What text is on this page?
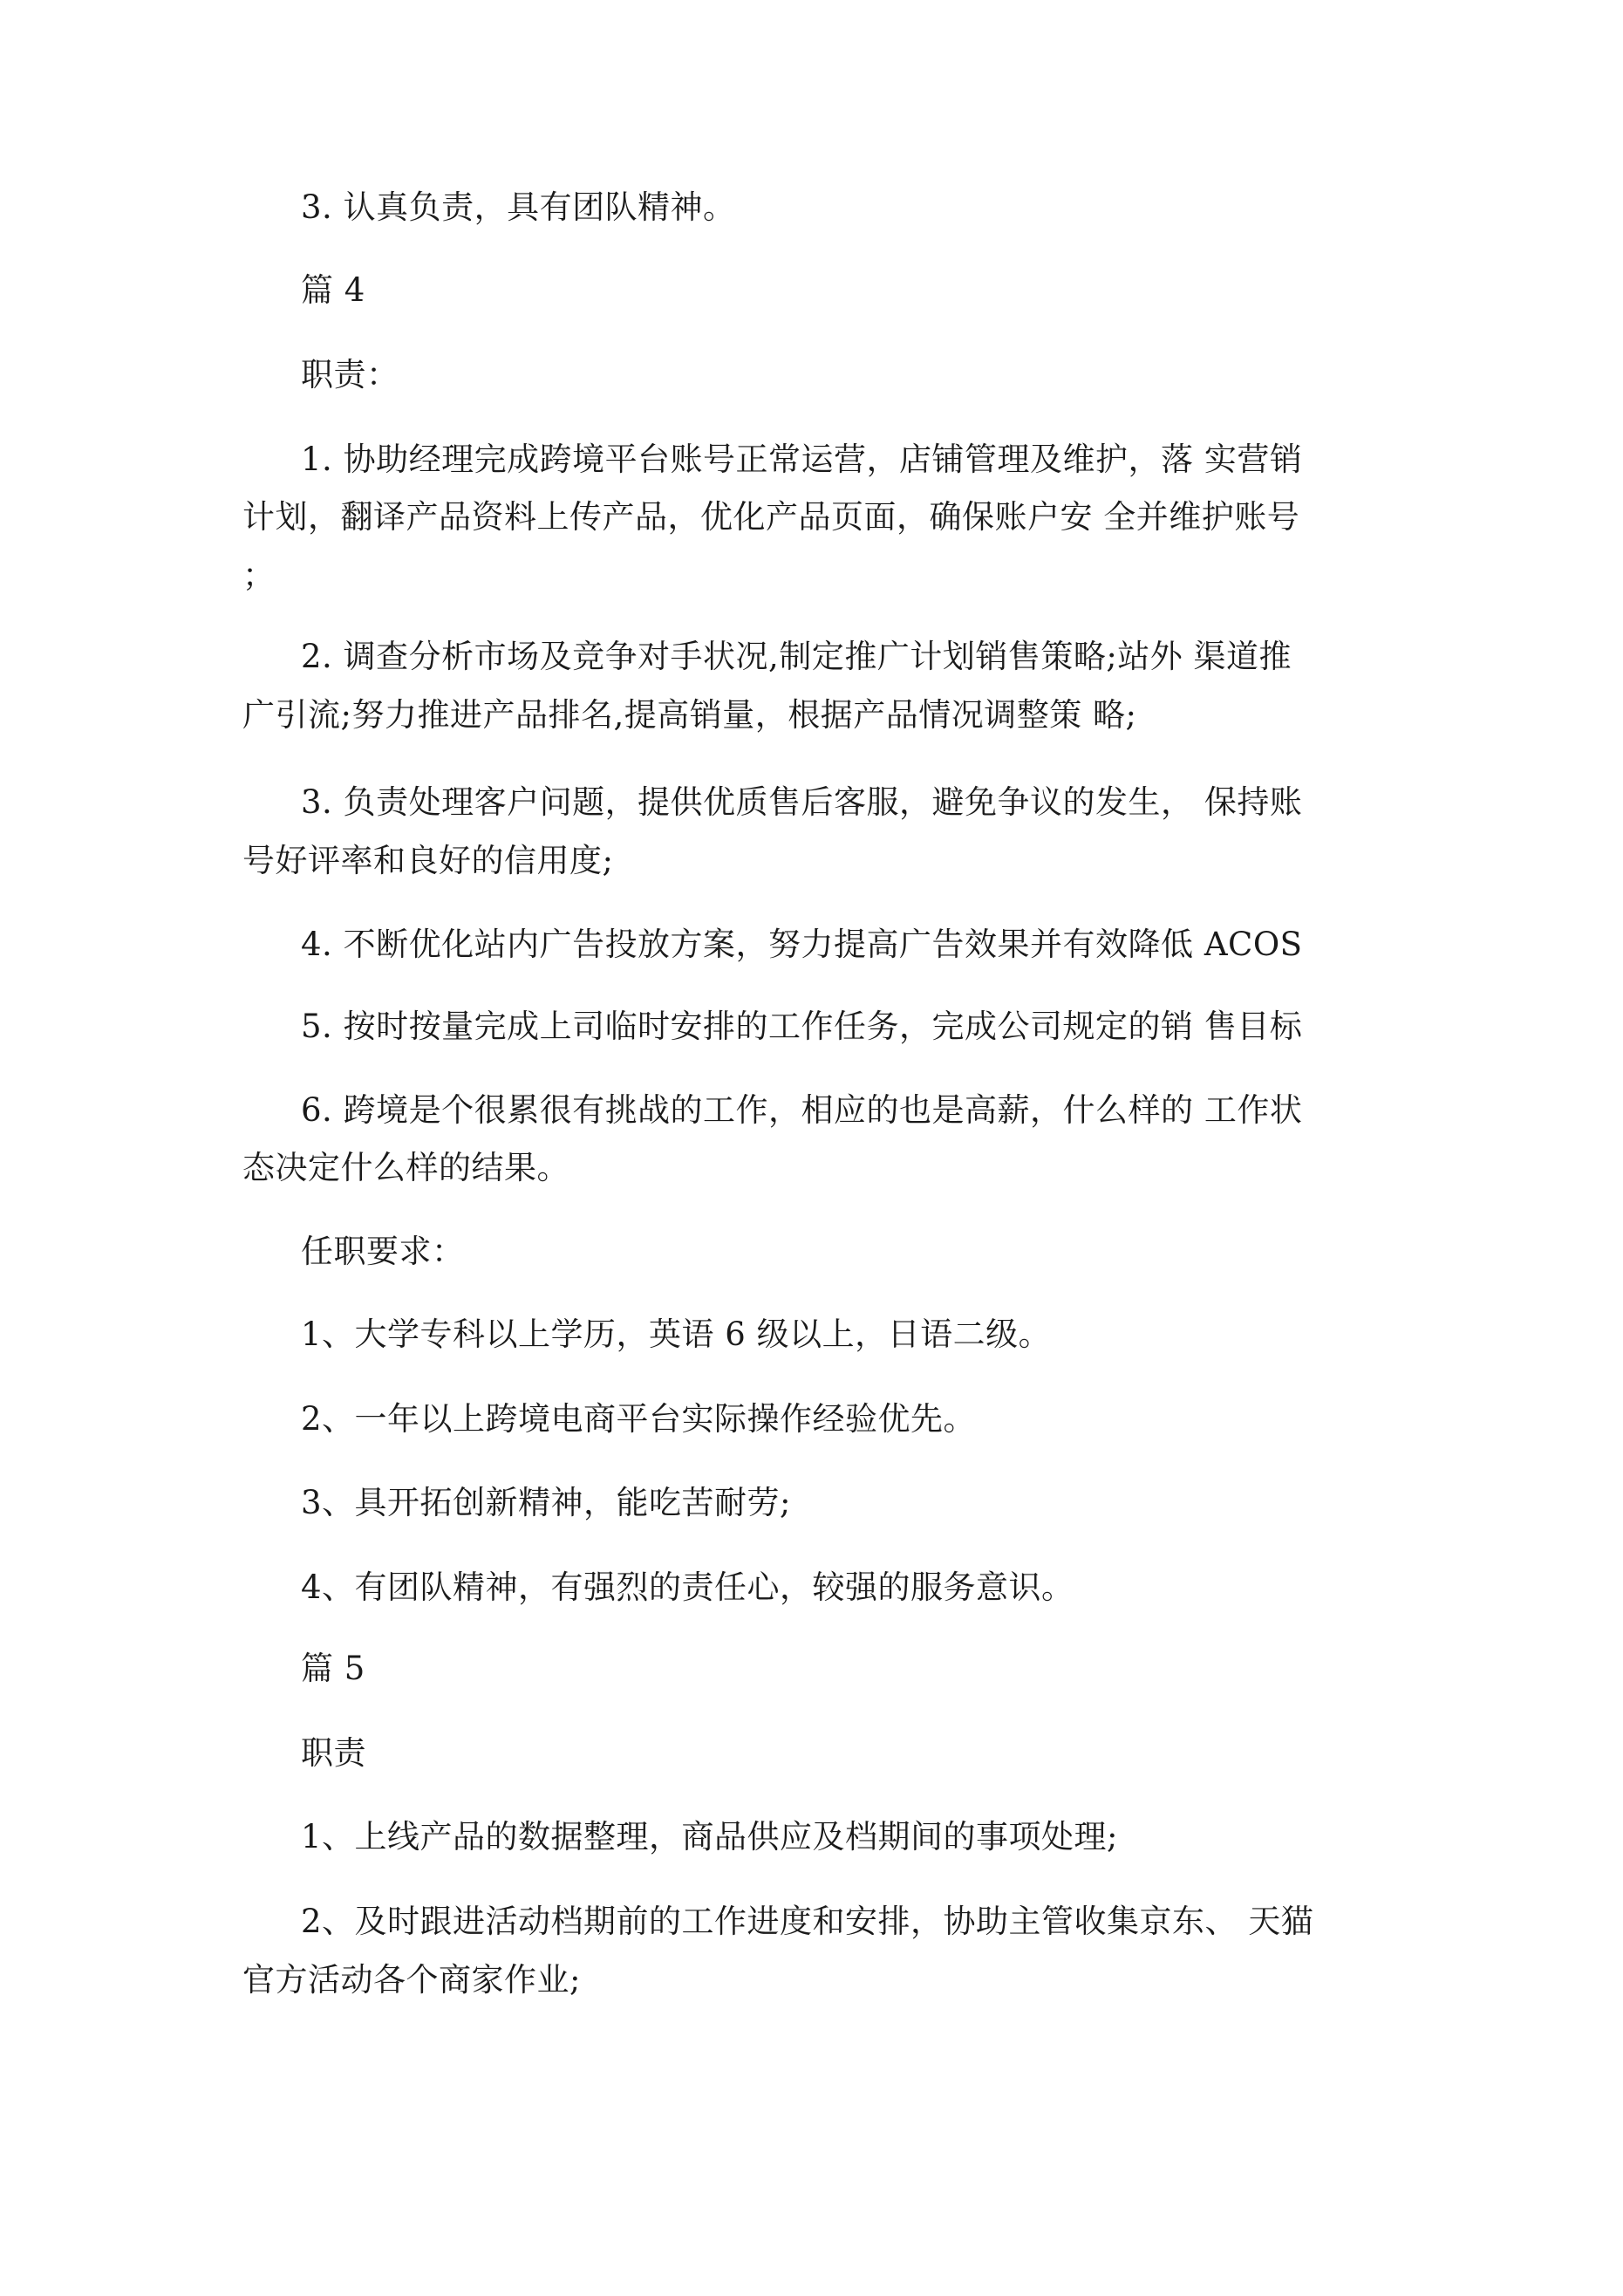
3. 认真负责，具有团队精神。
篇 4
职责：
1. 协助经理完成跨境平台账号正常运营，店铺管理及维护，落 实营销
计划，翻译产品资料上传产品，优化产品页面，确保账户安 全并维护账号
；
2. 调查分析市场及竞争对手状况,制定推广计划销售策略;站外 渠道推
广引流;努力推进产品排名,提高销量，根据产品情况调整策 略;
3. 负责处理客户问题，提供优质售后客服，避免争议的发生， 保持账
号好评率和良好的信用度;
4. 不断优化站内广告投放方案，努力提高广告效果并有效降低 ACOS
5. 按时按量完成上司临时安排的工作任务，完成公司规定的销 售目标
6. 跨境是个很累很有挑战的工作，相应的也是高薪，什么样的 工作状
态决定什么样的结果。
任职要求：
1、大学专科以上学历，英语 6 级以上，日语二级。
2、一年以上跨境电商平台实际操作经验优先。
3、具开拓创新精神，能吃苦耐劳;
4、有团队精神，有强烈的责任心，较强的服务意识。
篇 5
职责
1、上线产品的数据整理，商品供应及档期间的事项处理;
2、及时跟进活动档期前的工作进度和安排，协助主管收集京东、 天猫
官方活动各个商家作业;
